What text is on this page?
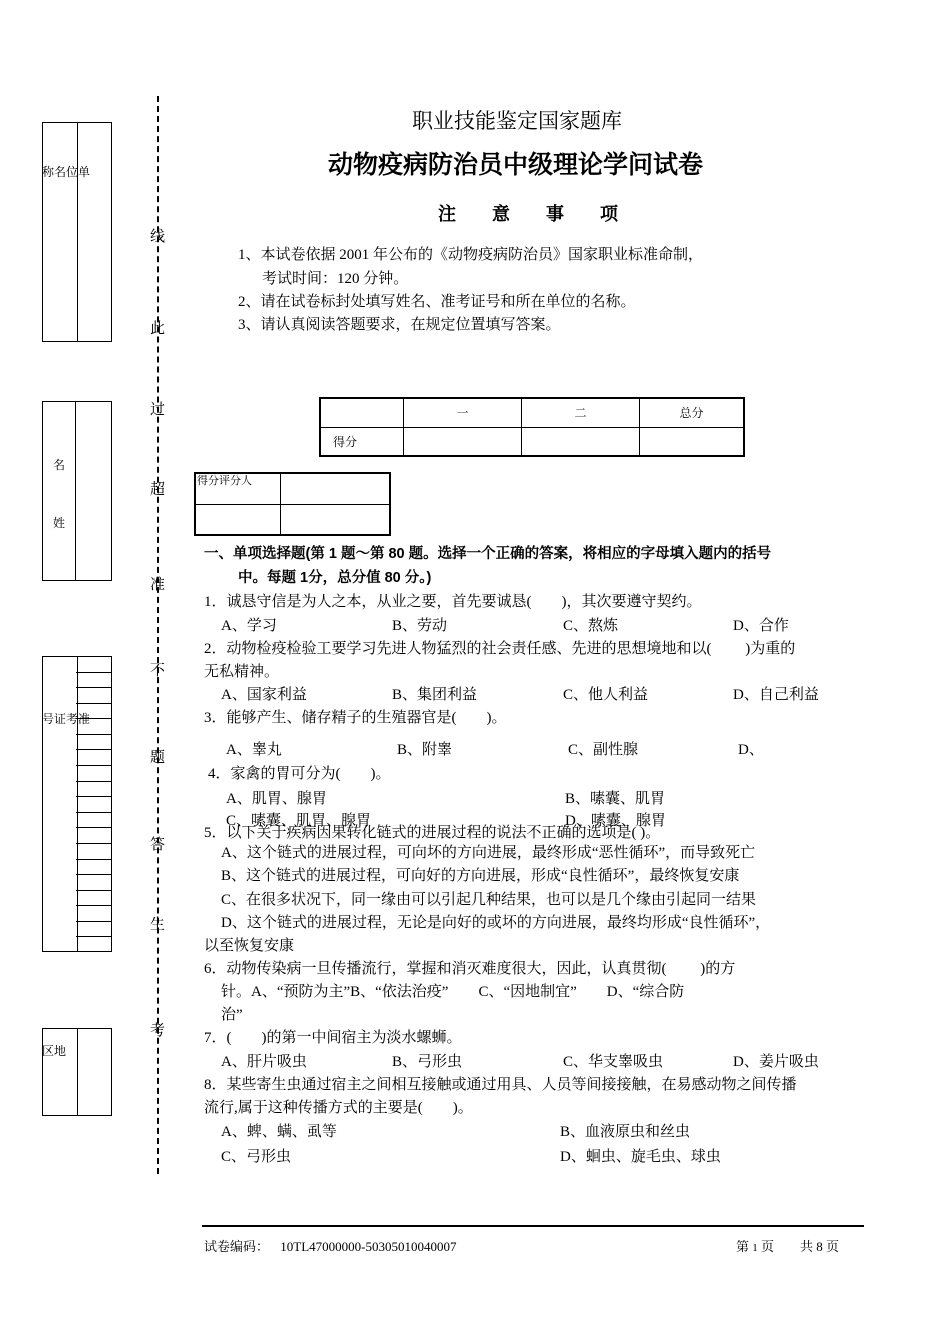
称名位单
名
姓
号证考准
区地
线
此
过
超
准
不
题
答
生
考
职业技能鉴定国家题库
动物疫病防治员中级理论学问试卷
注　　意　　事　　项
1、本试卷依据 2001 年公布的《动物疫病防治员》国家职业标准命制，
考试时间：120 分钟。
2、请在试卷标封处填写姓名、准考证号和所在单位的名称。
3、请认真阅读答题要求，在规定位置填写答案。
	一	二	总分
得分			
得分评分人	

一、单项选择题(第 1 题～第 80 题。选择一个正确的答案，将相应的字母填入题内的括号
中。每题 1分，总分值 80 分。)
1．诚恳守信是为人之本，从业之要，首先要诚恳(　　)，其次要遵守契约。
A、学习	B、劳动	C、熬炼	D、合作
2．动物检疫检验工要学习先进人物猛烈的社会责任感、先进的思想境地和以(　　 )为重的
无私精神。
A、国家利益	B、集团利益	C、他人利益	D、自己利益
3．能够产生、储存精子的生殖器官是(　　)。
A、睾丸	B、附睾	C、副性腺	D、
4．家禽的胃可分为(　　)。
A、肌胃、腺胃	B、嗉囊、肌胃
C、嗉囊、肌胃、腺胃	D、嗉囊、腺胃
5．以下关于疾病因果转化链式的进展过程的说法不正确的选项是( )。
A、这个链式的进展过程，可向坏的方向进展，最终形成“恶性循环”，而导致死亡
B、这个链式的进展过程，可向好的方向进展，形成“良性循环”，最终恢复安康
C、在很多状况下，同一缘由可以引起几种结果，也可以是几个缘由引起同一结果
D、这个链式的进展过程，无论是向好的或坏的方向进展，最终均形成“良性循环”，
以至恢复安康
6．动物传染病一旦传播流行，掌握和消灭难度很大，因此，认真贯彻(　　 )的方
针。A、“预防为主”B、“依法治疫”　　C、“因地制宜”　　D、“综合防
治”
7．(　　)的第一中间宿主为淡水螺蛳。
A、肝片吸虫	B、弓形虫	C、华支睾吸虫	D、姜片吸虫
8．某些寄生虫通过宿主之间相互接触或通过用具、人员等间接接触，在易感动物之间传播
流行,属于这种传播方式的主要是(　　)。
A、蜱、螨、虱等	B、血液原虫和丝虫
C、弓形虫	D、蛔虫、旋毛虫、球虫
试卷编码： 10TL47000000-50305010040007	第 1 页　　共 8 页
